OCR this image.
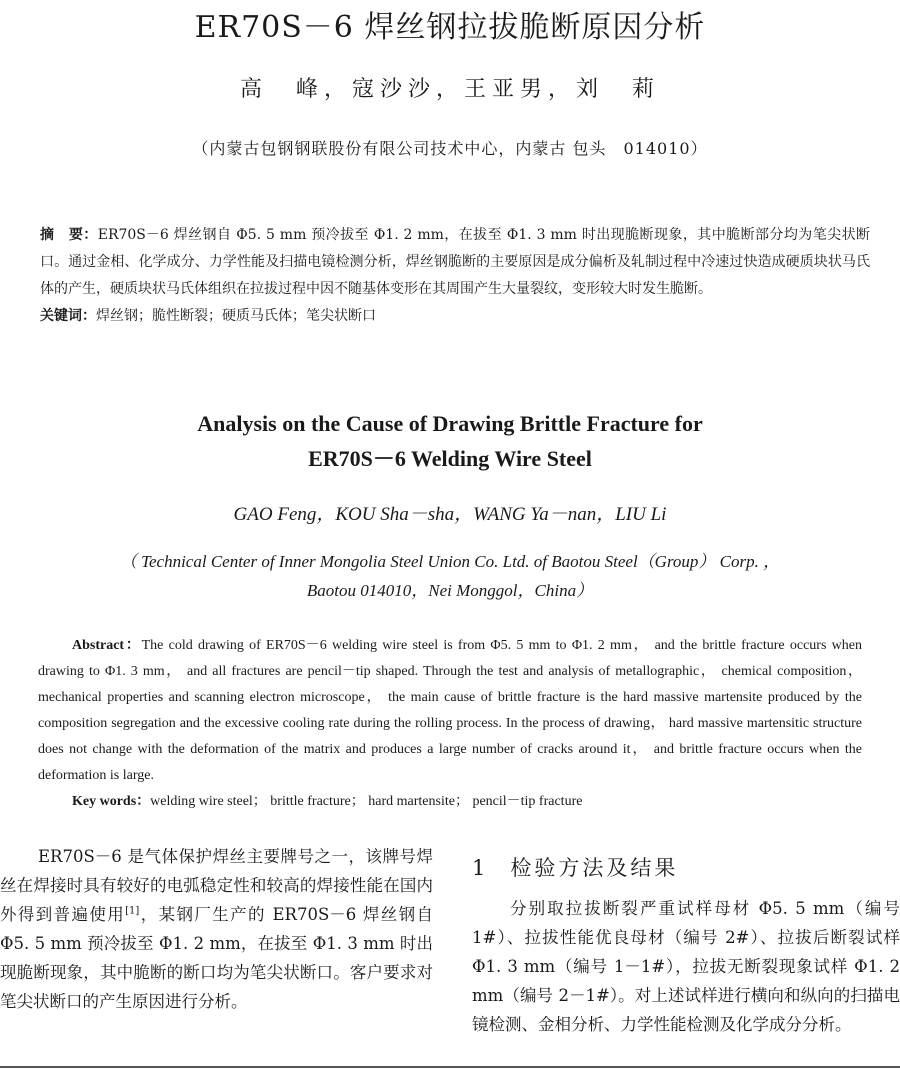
ER70S－6 焊丝钢拉拔脆断原因分析
高　峰，寇沙沙，王亚男，刘　莉
（内蒙古包钢钢联股份有限公司技术中心，内蒙古 包头　014010）

摘　要：ER70S－6 焊丝钢自 Φ5. 5 mm 预冷拔至 Φ1. 2 mm，在拔至 Φ1. 3 mm 时出现脆断现象，其中脆断部分均为笔尖状断口。通过金相、化学成分、力学性能及扫描电镜检测分析，焊丝钢脆断的主要原因是成分偏析及轧制过程中冷速过快造成硬质块状马氏体的产生，硬质块状马氏体组织在拉拔过程中因不随基体变形在其周围产生大量裂纹，变形较大时发生脆断。

关键词：焊丝钢；脆性断裂；硬质马氏体；笔尖状断口

Analysis on the Cause of Drawing Brittle Fracture for
ER70S－6 Welding Wire Steel
GAO Feng，KOU Sha－sha，WANG Ya－nan，LIU Li
（ Technical Center of Inner Mongolia Steel Union Co. Ltd. of Baotou Steel（Group） Corp. ，
Baotou 014010，Nei Monggol，China）

Abstract：The cold drawing of ER70S－6 welding wire steel is from Φ5. 5 mm to Φ1. 2 mm， and the brittle fracture occurs when drawing to Φ1. 3 mm， and all fractures are pencil－tip shaped. Through the test and analysis of metallographic， chemical composition， mechanical properties and scanning electron microscope， the main cause of brittle fracture is the hard massive martensite produced by the composition segregation and the excessive cooling rate during the rolling process. In the process of drawing， hard massive martensitic structure does not change with the deformation of the matrix and produces a large number of cracks around it， and brittle fracture occurs when the deformation is large.

Key words：welding wire steel； brittle fracture； hard martensite； pencil－tip fracture

ER70S－6 是气体保护焊丝主要牌号之一，该牌号焊丝在焊接时具有较好的电弧稳定性和较高的焊接性能在国内外得到普遍使用[1]，某钢厂生产的 ER70S－6 焊丝钢自 Φ5. 5 mm 预冷拔至 Φ1. 2 mm，在拔至 Φ1. 3 mm 时出现脆断现象，其中脆断的断口均为笔尖状断口。客户要求对笔尖状断口的产生原因进行分析。

1 检验方法及结果

分别取拉拔断裂严重试样母材 Φ5. 5 mm（编号 1#）、拉拔性能优良母材（编号 2#）、拉拔后断裂试样 Φ1. 3 mm（编号 1－1#），拉拔无断裂现象试样 Φ1. 2 mm（编号 2－1#）。对上述试样进行横向和纵向的扫描电镜检测、金相分析、力学性能检测及化学成分分析。
